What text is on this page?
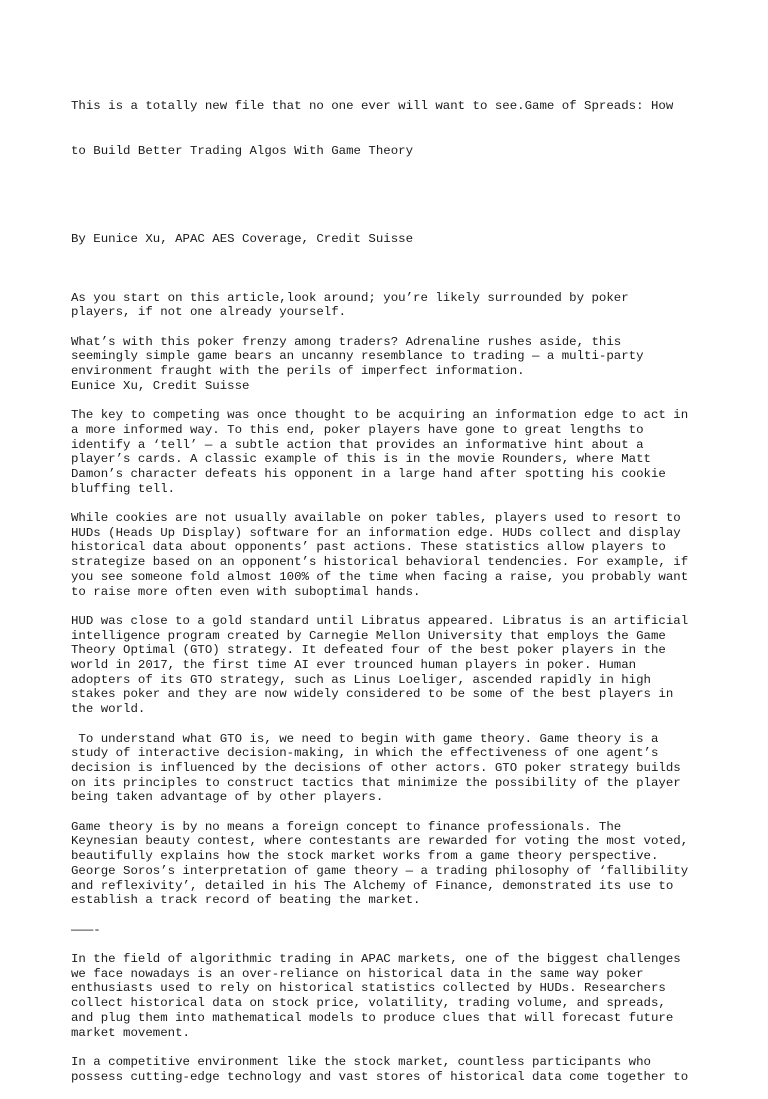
This is a totally new file that no one ever will want to see.Game of Spreads: How

to Build Better Trading Algos With Game Theory

By Eunice Xu, APAC AES Coverage, Credit Suisse

As you start on this article,look around; you’re likely surrounded by poker
players, if not one already yourself.
What’s with this poker frenzy among traders? Adrenaline rushes aside, this
seemingly simple game bears an uncanny resemblance to trading — a multi-party
environment fraught with the perils of imperfect information.
Eunice Xu, Credit Suisse
The key to competing was once thought to be acquiring an information edge to act in
a more informed way. To this end, poker players have gone to great lengths to
identify a ‘tell’ — a subtle action that provides an informative hint about a
player’s cards. A classic example of this is in the movie Rounders, where Matt
Damon’s character defeats his opponent in a large hand after spotting his cookie
bluffing tell.
While cookies are not usually available on poker tables, players used to resort to
HUDs (Heads Up Display) software for an information edge. HUDs collect and display
historical data about opponents’ past actions. These statistics allow players to
strategize based on an opponent’s historical behavioral tendencies. For example, if
you see someone fold almost 100% of the time when facing a raise, you probably want
to raise more often even with suboptimal hands.
HUD was close to a gold standard until Libratus appeared. Libratus is an artificial
intelligence program created by Carnegie Mellon University that employs the Game
Theory Optimal (GTO) strategy. It defeated four of the best poker players in the
world in 2017, the first time AI ever trounced human players in poker. Human
adopters of its GTO strategy, such as Linus Loeliger, ascended rapidly in high
stakes poker and they are now widely considered to be some of the best players in
the world.
To understand what GTO is, we need to begin with game theory. Game theory is a
study of interactive decision-making, in which the effectiveness of one agent’s
decision is influenced by the decisions of other actors. GTO poker strategy builds
on its principles to construct tactics that minimize the possibility of the player
being taken advantage of by other players.
Game theory is by no means a foreign concept to finance professionals. The
Keynesian beauty contest, where contestants are rewarded for voting the most voted,
beautifully explains how the stock market works from a game theory perspective.
George Soros’s interpretation of game theory — a trading philosophy of ‘fallibility
and reflexivity’, detailed in his The Alchemy of Finance, demonstrated its use to
establish a track record of beating the market.
———-
In the field of algorithmic trading in APAC markets, one of the biggest challenges
we face nowadays is an over-reliance on historical data in the same way poker
enthusiasts used to rely on historical statistics collected by HUDs. Researchers
collect historical data on stock price, volatility, trading volume, and spreads,
and plug them into mathematical models to produce clues that will forecast future
market movement.
In a competitive environment like the stock market, countless participants who
possess cutting-edge technology and vast stores of historical data come together to
